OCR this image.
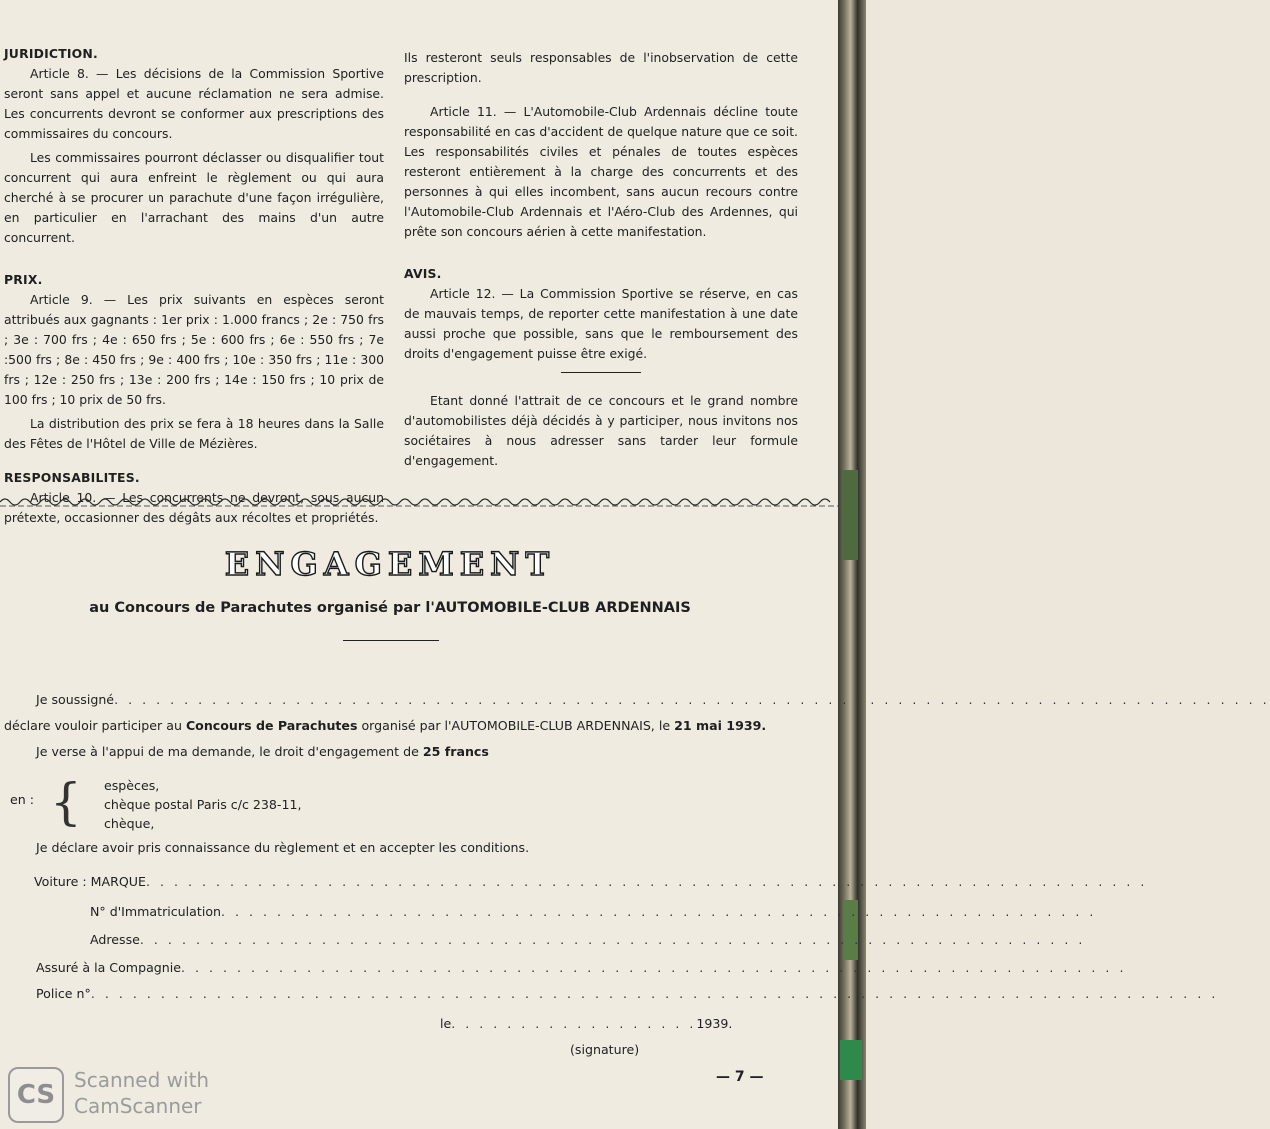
JURIDICTION.

Article 8. — Les décisions de la Commission Sportive seront sans appel et aucune réclamation ne sera admise. Les concurrents devront se conformer aux prescriptions des commissaires du concours.

Les commissaires pourront déclasser ou disqualifier tout concurrent qui aura enfreint le règlement ou qui aura cherché à se procurer un parachute d'une façon irrégulière, en particulier en l'arrachant des mains d'un autre concurrent.

PRIX.

Article 9. — Les prix suivants en espèces seront attribués aux gagnants : 1er prix : 1.000 francs ; 2e : 750 frs ; 3e : 700 frs ; 4e : 650 frs ; 5e : 600 frs ; 6e : 550 frs ; 7e :500 frs ; 8e : 450 frs ; 9e : 400 frs ; 10e : 350 frs ; 11e : 300 frs ; 12e : 250 frs ; 13e : 200 frs ; 14e : 150 frs ; 10 prix de 100 frs ; 10 prix de 50 frs.

La distribution des prix se fera à 18 heures dans la Salle des Fêtes de l'Hôtel de Ville de Mézières.

RESPONSABILITES.

Article 10. — Les concurrents ne devront, sous aucun prétexte, occasionner des dégâts aux récoltes et propriétés.

Ils resteront seuls responsables de l'inobservation de cette prescription.

Article 11. — L'Automobile-Club Ardennais décline toute responsabilité en cas d'accident de quelque nature que ce soit. Les responsabilités civiles et pénales de toutes espèces resteront entièrement à la charge des concurrents et des personnes à qui elles incombent, sans aucun recours contre l'Automobile-Club Ardennais et l'Aéro-Club des Ardennes, qui prête son concours aérien à cette manifestation.

AVIS.

Article 12. — La Commission Sportive se réserve, en cas de mauvais temps, de reporter cette manifestation à une date aussi proche que possible, sans que le remboursement des droits d'engagement puisse être exigé.

Etant donné l'attrait de ce concours et le grand nombre d'automobilistes déjà décidés à y participer, nous invitons nos sociétaires à nous adresser sans tarder leur formule d'engagement.

ENGAGEMENT
au Concours de Parachutes organisé par l'AUTOMOBILE-CLUB ARDENNAIS
Je soussigné. . . . . . . . . . . . . . . . . . . . . . . . . . . . . . . . . . . . . . . . . . . . . . . . . . . . . . . . . . . . . . . . . . . . . . . . . . . . . . . . . . .
déclare vouloir participer au Concours de Parachutes organisé par l'AUTOMOBILE-CLUB ARDENNAIS, le 21 mai 1939.
Je verse à l'appui de ma demande, le droit d'engagement de 25 francs
en : { espèces,
chèque postal Paris c/c 238-11,
chèque,
Je déclare avoir pris connaissance du règlement et en accepter les conditions.
Voiture : MARQUE. . . . . . . . . . . . . . . . . . . . . . . . . . . . . . . . . . . . . . . . . . . . . . . . . . . . . . . . . . . . . . . . . . . . . . . .
N° d'Immatriculation. . . . . . . . . . . . . . . . . . . . . . . . . . . . . . . . . . . . . . . . . . . . . . . . . . . . . . . . . . . . . . .
Adresse. . . . . . . . . . . . . . . . . . . . . . . . . . . . . . . . . . . . . . . . . . . . . . . . . . . . . . . . . . . . . . . . . . . .
Assuré à la Compagnie. . . . . . . . . . . . . . . . . . . . . . . . . . . . . . . . . . . . . . . . . . . . . . . . . . . . . . . . . . . . . . . . . . . .
Police n°. . . . . . . . . . . . . . . . . . . . . . . . . . . . . . . . . . . . . . . . . . . . . . . . . . . . . . . . . . . . . . . . . . . . . . . . . . . . . . . . .
le. . . . . . . . . . . . . . . . . .1939.
(signature)
— 7 —
CS Scanned with
CamScanner
